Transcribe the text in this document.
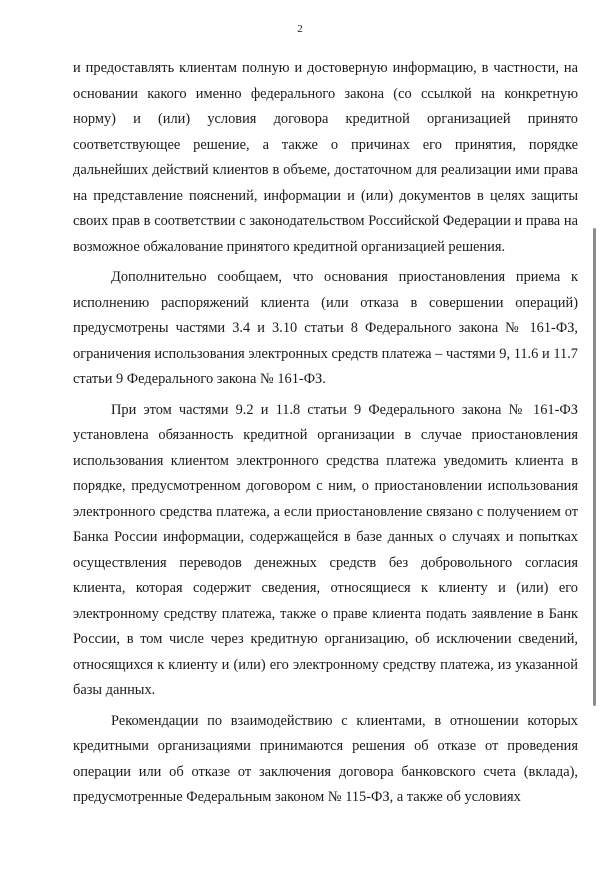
2

и предоставлять клиентам полную и достоверную информацию, в частности, на основании какого именно федерального закона (со ссылкой на конкретную норму) и (или) условия договора кредитной организацией принято соответствующее решение, а также о причинах его принятия, порядке дальнейших действий клиентов в объеме, достаточном для реализации ими права на представление пояснений, информации и (или) документов в целях защиты своих прав в соответствии с законодательством Российской Федерации и права на возможное обжалование принятого кредитной организацией решения.

Дополнительно сообщаем, что основания приостановления приема к исполнению распоряжений клиента (или отказа в совершении операций) предусмотрены частями 3.4 и 3.10 статьи 8 Федерального закона № 161-ФЗ, ограничения использования электронных средств платежа – частями 9, 11.6 и 11.7 статьи 9 Федерального закона № 161-ФЗ.

При этом частями 9.2 и 11.8 статьи 9 Федерального закона № 161-ФЗ установлена обязанность кредитной организации в случае приостановления использования клиентом электронного средства платежа уведомить клиента в порядке, предусмотренном договором с ним, о приостановлении использования электронного средства платежа, а если приостановление связано с получением от Банка России информации, содержащейся в базе данных о случаях и попытках осуществления переводов денежных средств без добровольного согласия клиента, которая содержит сведения, относящиеся к клиенту и (или) его электронному средству платежа, также о праве клиента подать заявление в Банк России, в том числе через кредитную организацию, об исключении сведений, относящихся к клиенту и (или) его электронному средству платежа, из указанной базы данных.

Рекомендации по взаимодействию с клиентами, в отношении которых кредитными организациями принимаются решения об отказе от проведения операции или об отказе от заключения договора банковского счета (вклада), предусмотренные Федеральным законом № 115-ФЗ, а также об условиях
